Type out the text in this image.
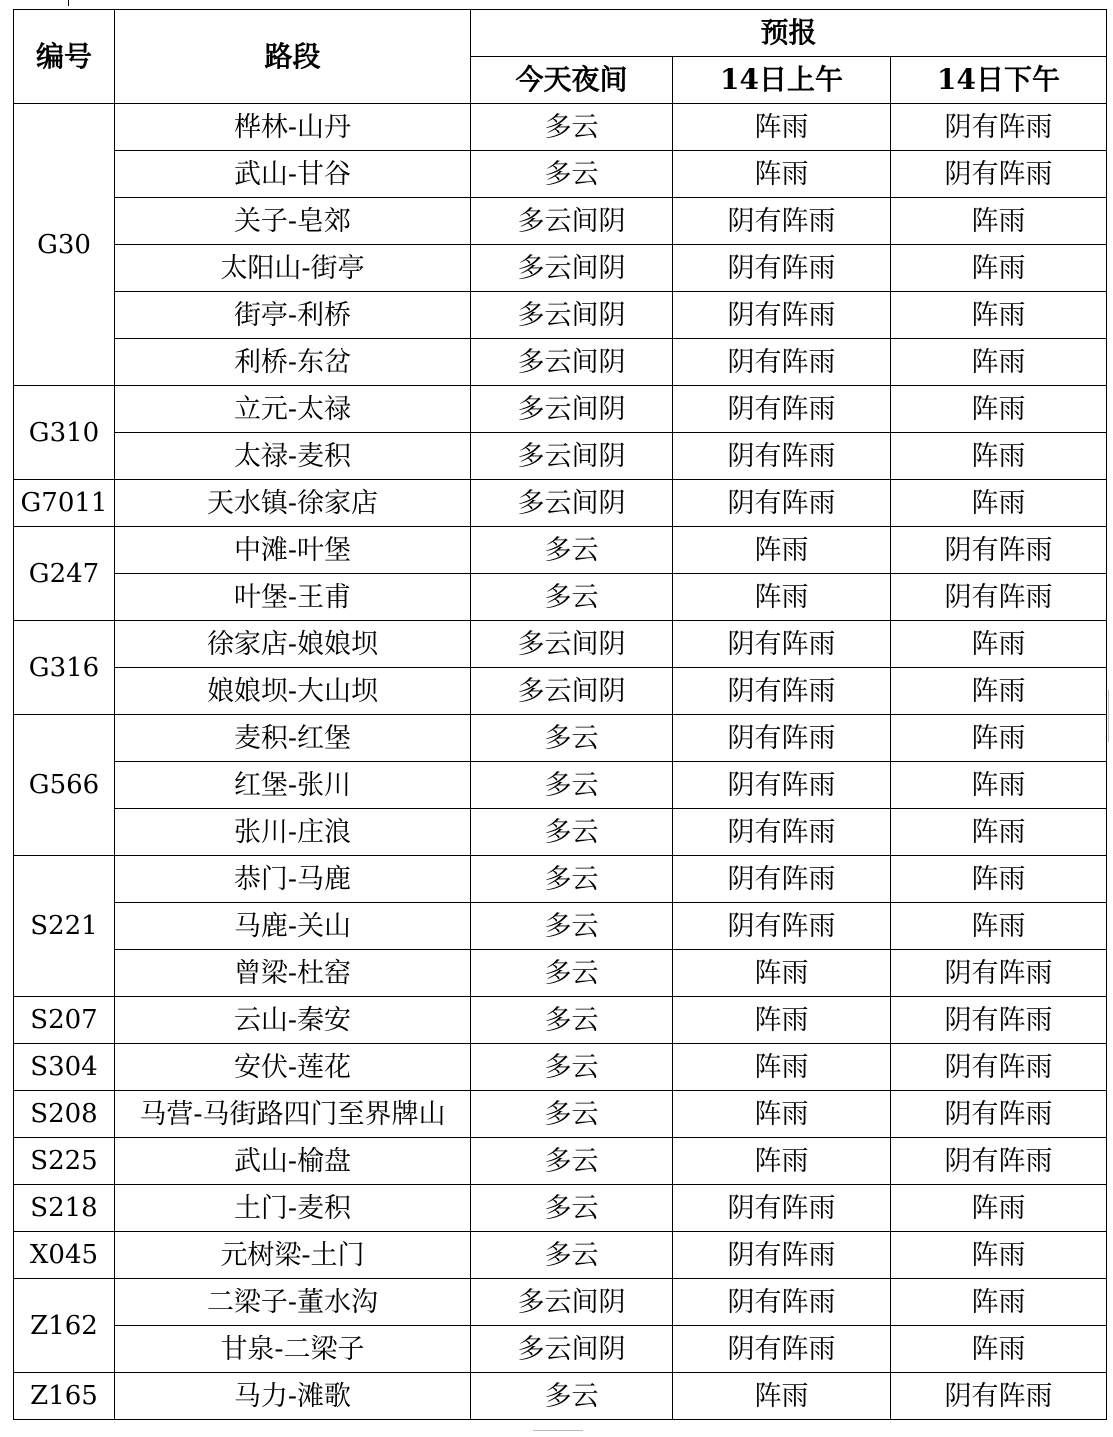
编号	路段	预报		
		今天夜间	14日上午	14日下午
G30	桦林-山丹	多云	阵雨	阴有阵雨
	武山-甘谷	多云	阵雨	阴有阵雨
	关子-皂郊	多云间阴	阴有阵雨	阵雨
	太阳山-街亭	多云间阴	阴有阵雨	阵雨
	街亭-利桥	多云间阴	阴有阵雨	阵雨
	利桥-东岔	多云间阴	阴有阵雨	阵雨
G310	立元-太禄	多云间阴	阴有阵雨	阵雨
	太禄-麦积	多云间阴	阴有阵雨	阵雨
G7011	天水镇-徐家店	多云间阴	阴有阵雨	阵雨
G247	中滩-叶堡	多云	阵雨	阴有阵雨
	叶堡-王甫	多云	阵雨	阴有阵雨
G316	徐家店-娘娘坝	多云间阴	阴有阵雨	阵雨
	娘娘坝-大山坝	多云间阴	阴有阵雨	阵雨
G566	麦积-红堡	多云	阴有阵雨	阵雨
	红堡-张川	多云	阴有阵雨	阵雨
	张川-庄浪	多云	阴有阵雨	阵雨
S221	恭门-马鹿	多云	阴有阵雨	阵雨
	马鹿-关山	多云	阴有阵雨	阵雨
	曾梁-杜窑	多云	阵雨	阴有阵雨
S207	云山-秦安	多云	阵雨	阴有阵雨
S304	安伏-莲花	多云	阵雨	阴有阵雨
S208	马营-马街路四门至界牌山	多云	阵雨	阴有阵雨
S225	武山-榆盘	多云	阵雨	阴有阵雨
S218	土门-麦积	多云	阴有阵雨	阵雨
X045	元树梁-土门	多云	阴有阵雨	阵雨
Z162	二梁子-董水沟	多云间阴	阴有阵雨	阵雨
	甘泉-二梁子	多云间阴	阴有阵雨	阵雨
Z165	马力-滩歌	多云	阵雨	阴有阵雨
